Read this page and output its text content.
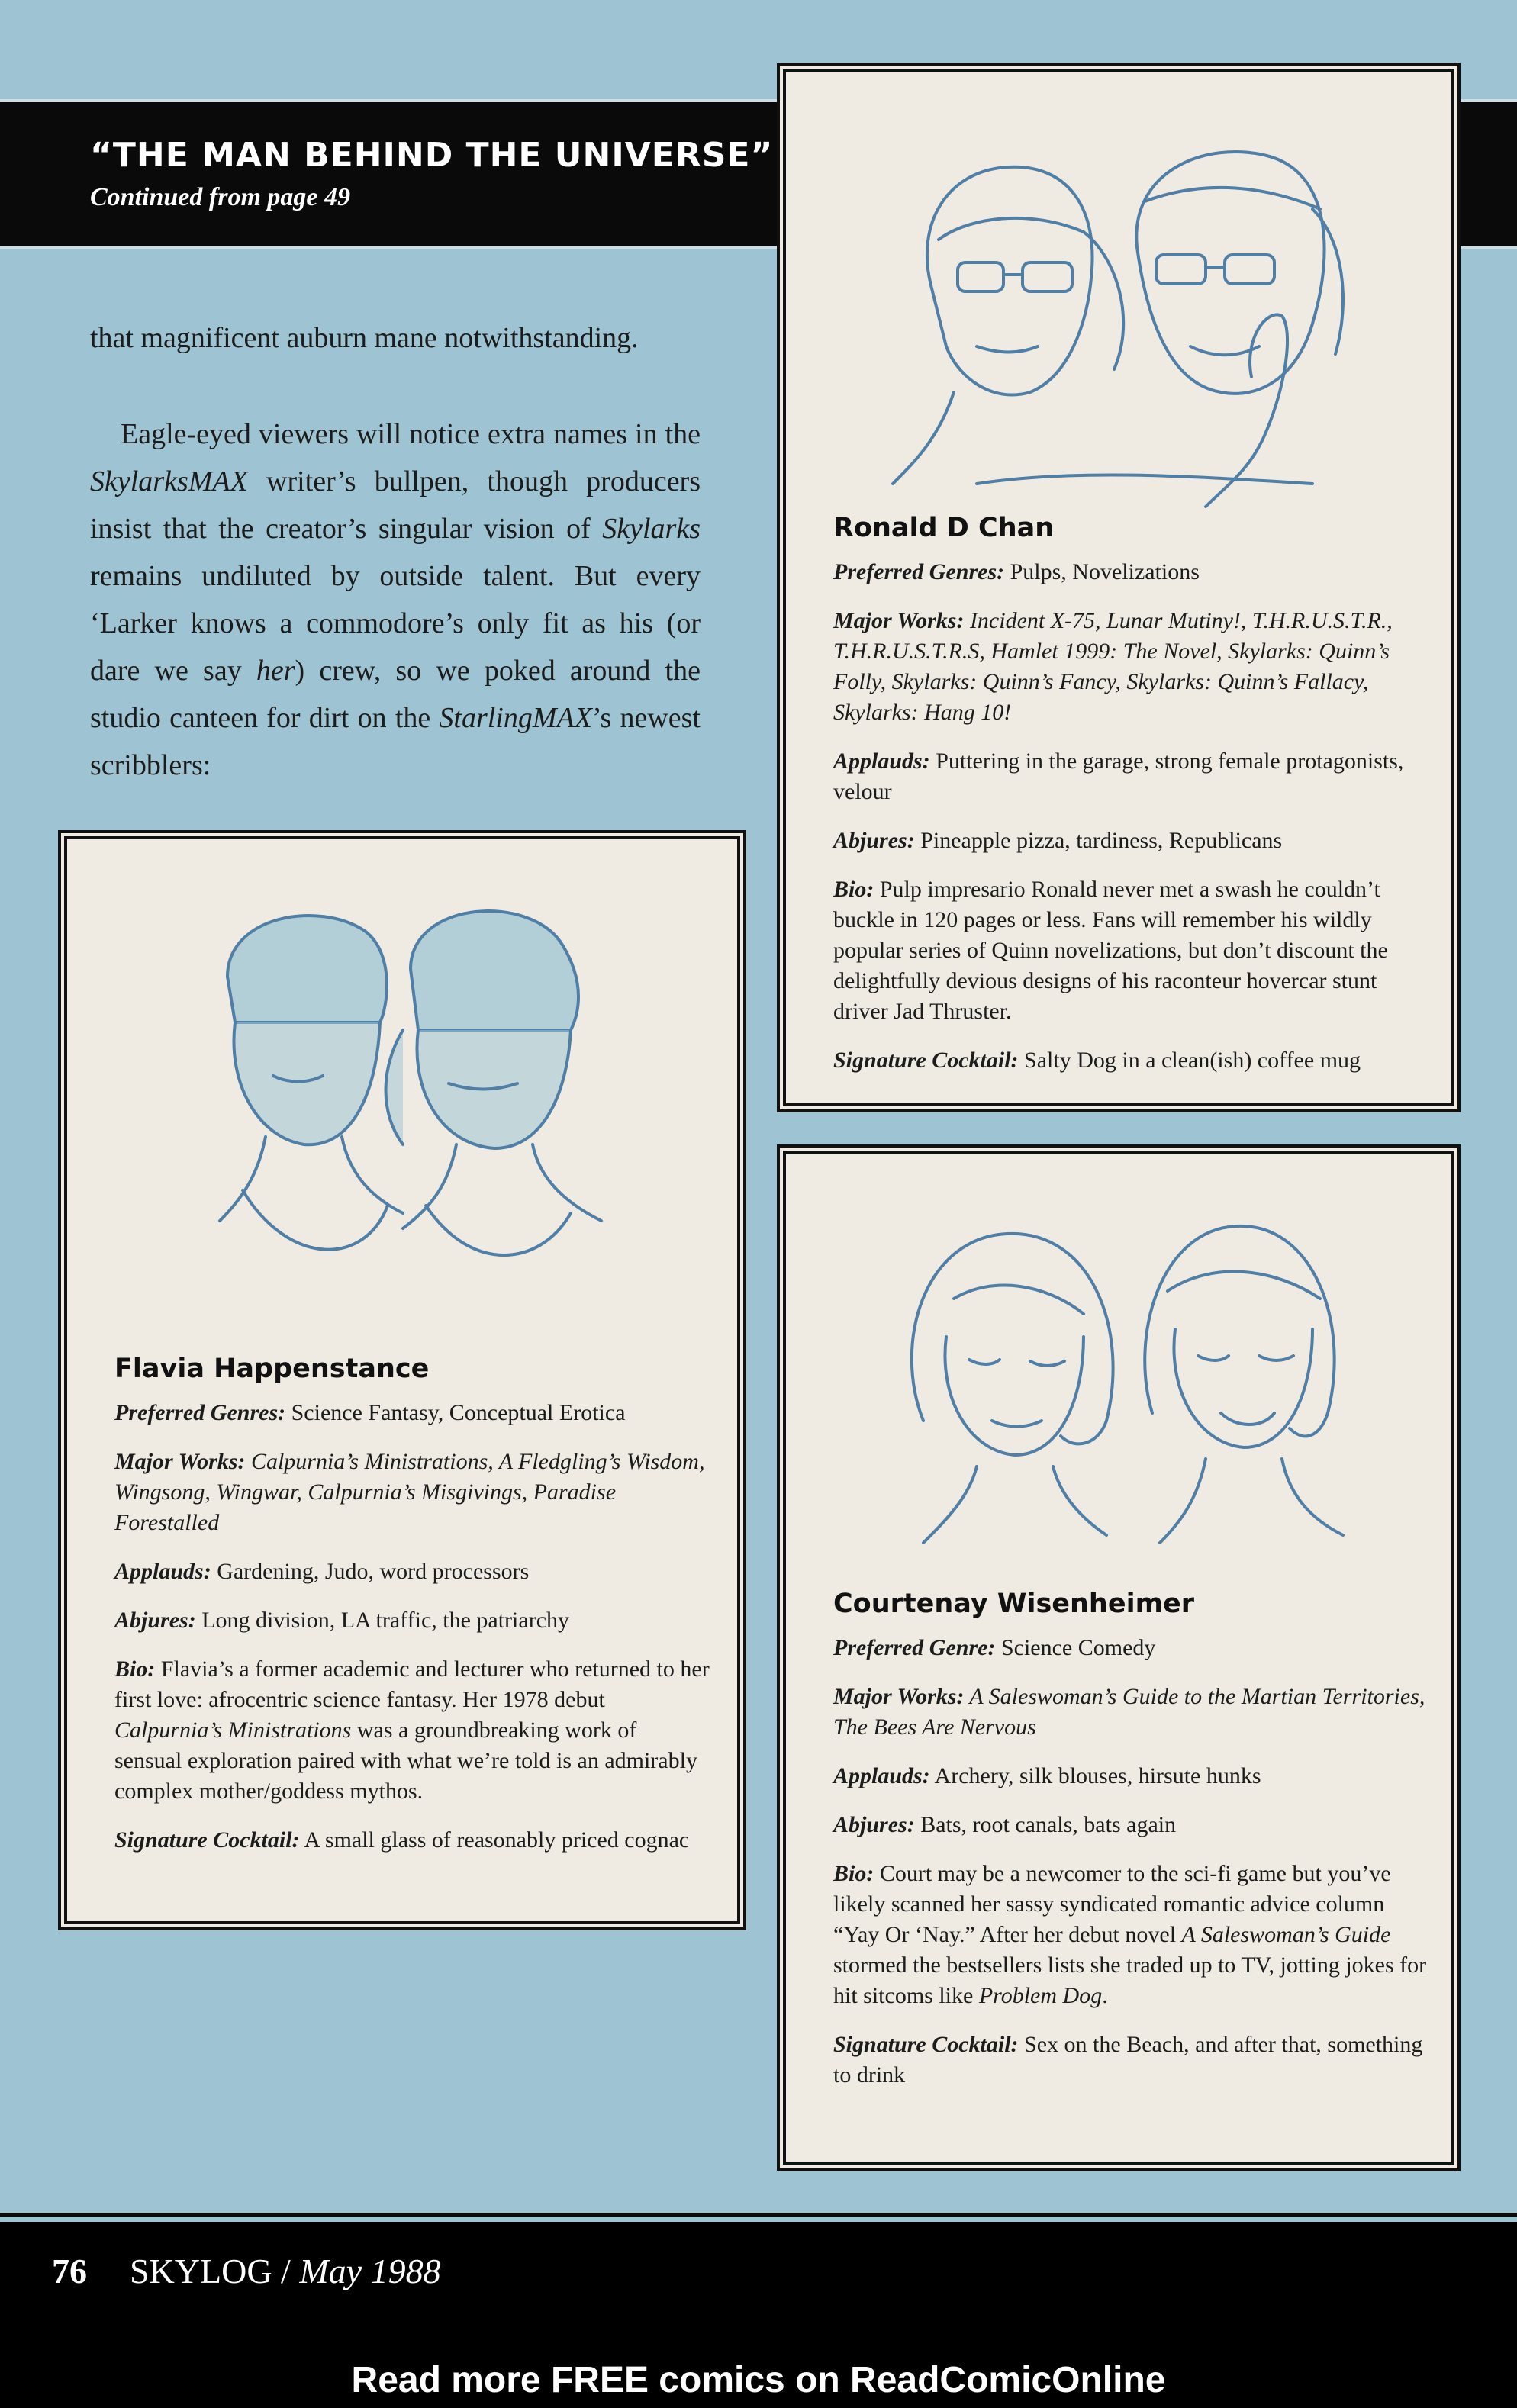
“THE MAN BEHIND THE UNIVERSE”
Continued from page 49

that magnificent auburn mane notwithstanding.

Eagle-eyed viewers will notice extra names in the SkylarksMAX writer’s bullpen, though producers insist that the creator’s singular vision of Skylarks remains undiluted by outside talent. But every ‘Larker knows a commodore’s only fit as his (or dare we say her) crew, so we poked around the studio canteen for dirt on the StarlingMAX’s newest scribblers:

Ronald D Chan
Preferred Genres: Pulps, Novelizations
Major Works: Incident X-75, Lunar Mutiny!, T.H.R.U.S.T.R., T.H.R.U.S.T.R.S, Hamlet 1999: The Novel, Skylarks: Quinn’s Folly, Skylarks: Quinn’s Fancy, Skylarks: Quinn’s Fallacy, Skylarks: Hang 10!
Applauds: Puttering in the garage, strong female protagonists, velour
Abjures: Pineapple pizza, tardiness, Republicans
Bio: Pulp impresario Ronald never met a swash he couldn’t buckle in 120 pages or less. Fans will remember his wildly popular series of Quinn novelizations, but don’t discount the delightfully devious designs of his raconteur hovercar stunt driver Jad Thruster.
Signature Cocktail: Salty Dog in a clean(ish) coffee mug
Flavia Happenstance
Preferred Genres: Science Fantasy, Conceptual Erotica
Major Works: Calpurnia’s Ministrations, A Fledgling’s Wisdom, Wingsong, Wingwar, Calpurnia’s Misgivings, Paradise Forestalled
Applauds: Gardening, Judo, word processors
Abjures: Long division, LA traffic, the patriarchy
Bio: Flavia’s a former academic and lecturer who returned to her first love: afrocentric science fantasy. Her 1978 debut Calpurnia’s Ministrations was a groundbreaking work of sensual exploration paired with what we’re told is an admirably complex mother/goddess mythos.
Signature Cocktail: A small glass of reasonably priced cognac
Courtenay Wisenheimer
Preferred Genre: Science Comedy
Major Works: A Saleswoman’s Guide to the Martian Territories, The Bees Are Nervous
Applauds: Archery, silk blouses, hirsute hunks
Abjures: Bats, root canals, bats again
Bio: Court may be a newcomer to the sci-fi game but you’ve likely scanned her sassy syndicated romantic advice column “Yay Or ‘Nay.” After her debut novel A Saleswoman’s Guide stormed the bestsellers lists she traded up to TV, jotting jokes for hit sitcoms like Problem Dog.
Signature Cocktail: Sex on the Beach, and after that, something to drink
76 SKYLOG / May 1988
Read more FREE comics on ReadComicOnline
